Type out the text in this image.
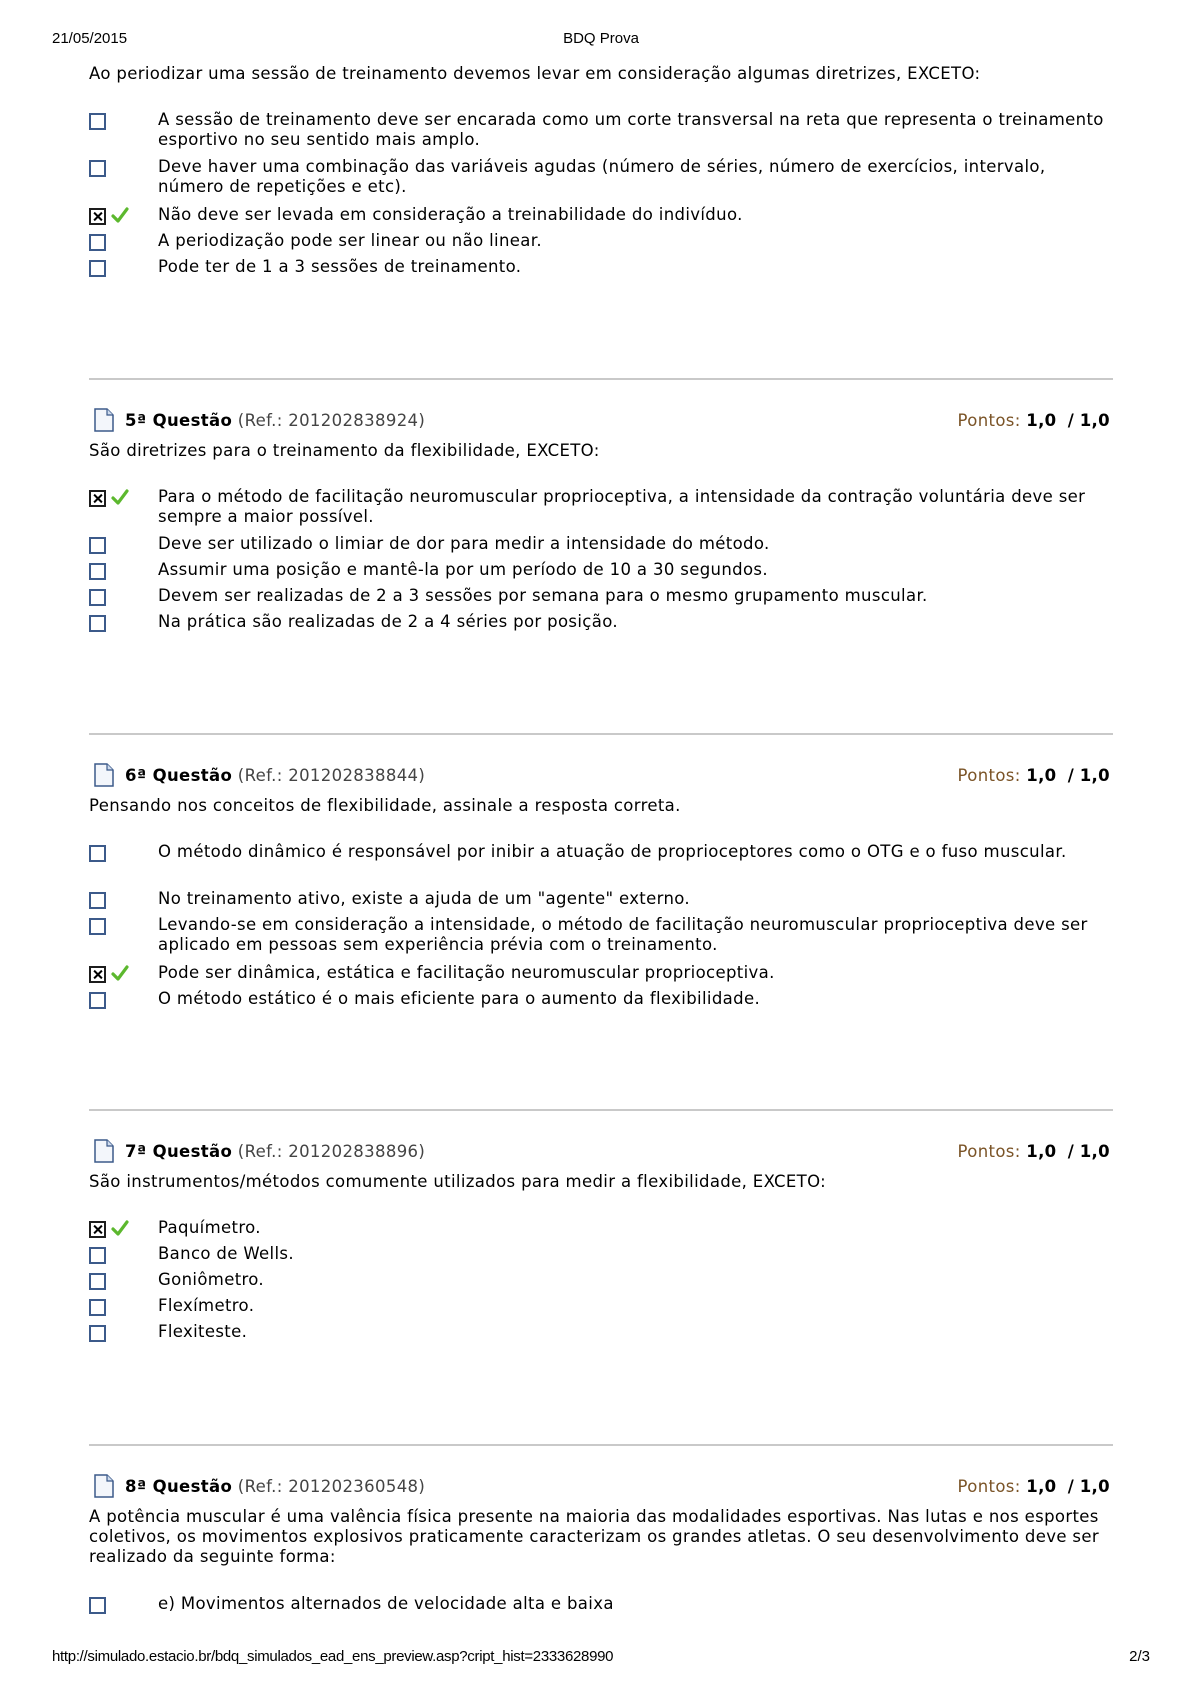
21/05/2015	BDQ Prova

Ao periodizar uma sessão de treinamento devemos levar em consideração algumas diretrizes, EXCETO:

A sessão de treinamento deve ser encarada como um corte transversal na reta que representa o treinamento esportivo no seu sentido mais amplo.
Deve haver uma combinação das variáveis agudas (número de séries, número de exercícios, intervalo, número de repetições e etc).
Não deve ser levada em consideração a treinabilidade do indivíduo.
A periodização pode ser linear ou não linear.
Pode ter de 1 a 3 sessões de treinamento.
5ª Questão (Ref.: 201202838924)	Pontos: 1,0 / 1,0

São diretrizes para o treinamento da flexibilidade, EXCETO:

Para o método de facilitação neuromuscular proprioceptiva, a intensidade da contração voluntária deve ser sempre a maior possível.
Deve ser utilizado o limiar de dor para medir a intensidade do método.
Assumir uma posição e mantê-la por um período de 10 a 30 segundos.
Devem ser realizadas de 2 a 3 sessões por semana para o mesmo grupamento muscular.
Na prática são realizadas de 2 a 4 séries por posição.
6ª Questão (Ref.: 201202838844)	Pontos: 1,0 / 1,0

Pensando nos conceitos de flexibilidade, assinale a resposta correta.

O método dinâmico é responsável por inibir a atuação de proprioceptores como o OTG e o fuso muscular.
No treinamento ativo, existe a ajuda de um "agente" externo.
Levando-se em consideração a intensidade, o método de facilitação neuromuscular proprioceptiva deve ser aplicado em pessoas sem experiência prévia com o treinamento.
Pode ser dinâmica, estática e facilitação neuromuscular proprioceptiva.
O método estático é o mais eficiente para o aumento da flexibilidade.
7ª Questão (Ref.: 201202838896)	Pontos: 1,0 / 1,0

São instrumentos/métodos comumente utilizados para medir a flexibilidade, EXCETO:

Paquímetro.
Banco de Wells.
Goniômetro.
Flexímetro.
Flexiteste.
8ª Questão (Ref.: 201202360548)	Pontos: 1,0 / 1,0

A potência muscular é uma valência física presente na maioria das modalidades esportivas. Nas lutas e nos esportes coletivos, os movimentos explosivos praticamente caracterizam os grandes atletas. O seu desenvolvimento deve ser realizado da seguinte forma:

e) Movimentos alternados de velocidade alta e baixa
http://simulado.estacio.br/bdq_simulados_ead_ens_preview.asp?cript_hist=2333628990	2/3
